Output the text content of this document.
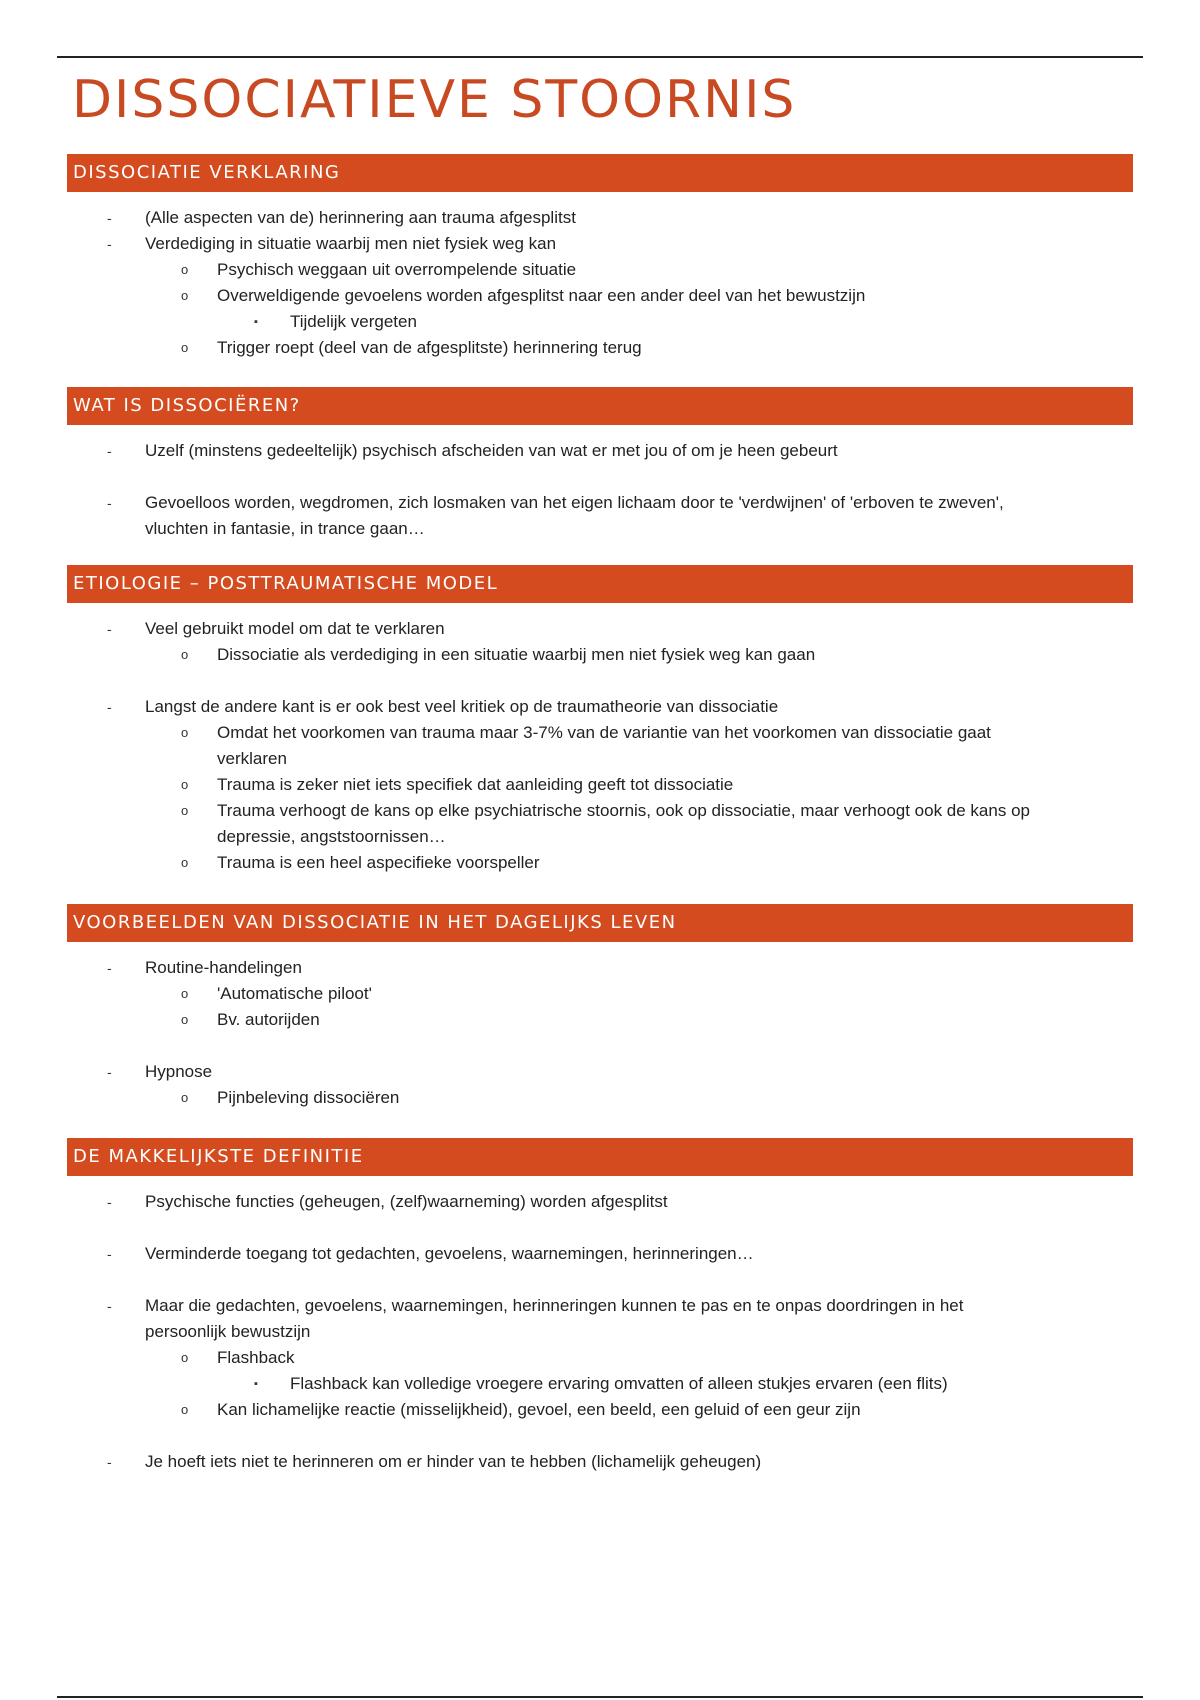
DISSOCIATIEVE STOORNIS
DISSOCIATIE VERKLARING
- (Alle aspecten van de) herinnering aan trauma afgesplitst
- Verdediging in situatie waarbij men niet fysiek weg kan
o Psychisch weggaan uit overrompelende situatie
o Overweldigende gevoelens worden afgesplitst naar een ander deel van het bewustzijn
▪ Tijdelijk vergeten
o Trigger roept (deel van de afgesplitste) herinnering terug
WAT IS DISSOCIËREN?
- Uzelf (minstens gedeeltelijk) psychisch afscheiden van wat er met jou of om je heen gebeurt
- Gevoelloos worden, wegdromen, zich losmaken van het eigen lichaam door te 'verdwijnen' of 'erboven te zweven',
vluchten in fantasie, in trance gaan…
ETIOLOGIE – POSTTRAUMATISCHE MODEL
- Veel gebruikt model om dat te verklaren
o Dissociatie als verdediging in een situatie waarbij men niet fysiek weg kan gaan
- Langst de andere kant is er ook best veel kritiek op de traumatheorie van dissociatie
o Omdat het voorkomen van trauma maar 3-7% van de variantie van het voorkomen van dissociatie gaat
verklaren
o Trauma is zeker niet iets specifiek dat aanleiding geeft tot dissociatie
o Trauma verhoogt de kans op elke psychiatrische stoornis, ook op dissociatie, maar verhoogt ook de kans op
depressie, angststoornissen…
o Trauma is een heel aspecifieke voorspeller
VOORBEELDEN VAN DISSOCIATIE IN HET DAGELIJKS LEVEN
- Routine-handelingen
o 'Automatische piloot'
o Bv. autorijden
- Hypnose
o Pijnbeleving dissociëren
DE MAKKELIJKSTE DEFINITIE
- Psychische functies (geheugen, (zelf)waarneming) worden afgesplitst
- Verminderde toegang tot gedachten, gevoelens, waarnemingen, herinneringen…
- Maar die gedachten, gevoelens, waarnemingen, herinneringen kunnen te pas en te onpas doordringen in het
persoonlijk bewustzijn
o Flashback
▪ Flashback kan volledige vroegere ervaring omvatten of alleen stukjes ervaren (een flits)
o Kan lichamelijke reactie (misselijkheid), gevoel, een beeld, een geluid of een geur zijn
- Je hoeft iets niet te herinneren om er hinder van te hebben (lichamelijk geheugen)
